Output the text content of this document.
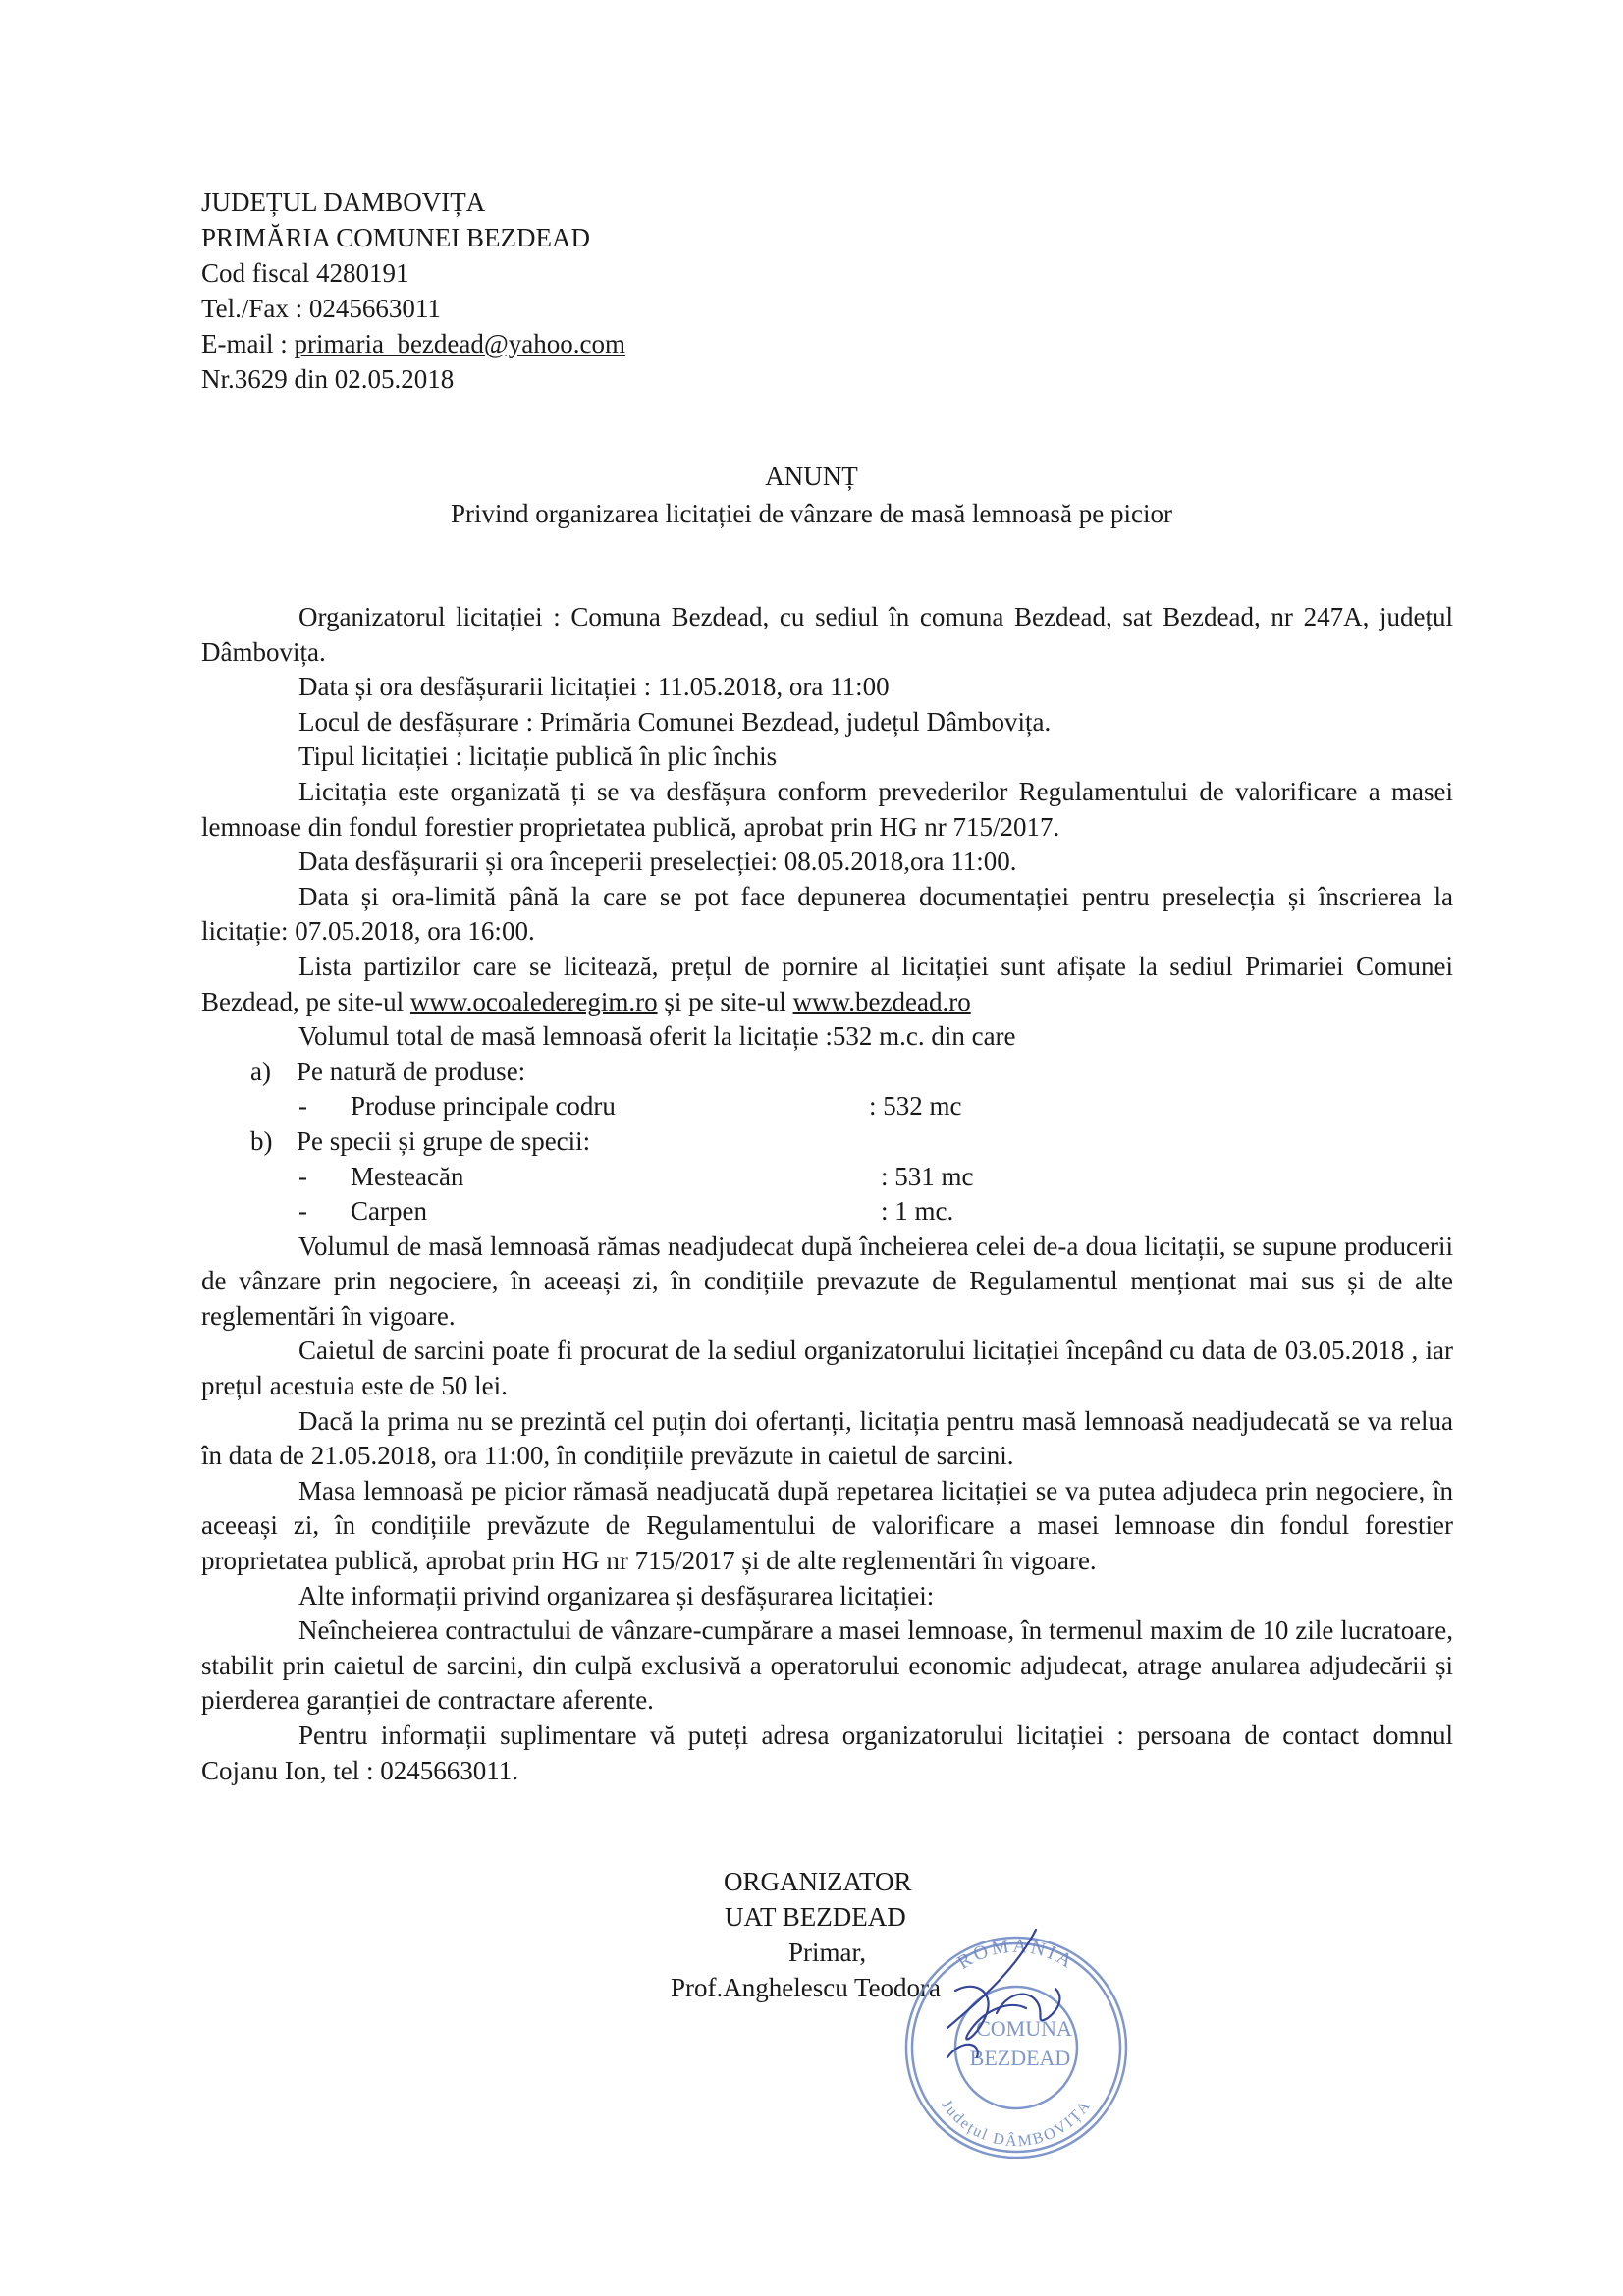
JUDEȚUL DAMBOVIȚA
PRIMĂRIA COMUNEI BEZDEAD
Cod fiscal 4280191
Tel./Fax : 0245663011
E-mail : primaria_bezdead@yahoo.com
Nr.3629 din 02.05.2018
ANUNȚ
Privind organizarea licitației de vânzare de masă lemnoasă pe picior

Organizatorul licitației : Comuna Bezdead, cu sediul în comuna Bezdead, sat Bezdead, nr 247A, județul Dâmbovița.

Data și ora desfășurarii licitației : 11.05.2018, ora 11:00
Locul de desfășurare : Primăria Comunei Bezdead, județul Dâmbovița.
Tipul licitației : licitație publică în plic închis

Licitația este organizată ți se va desfășura conform prevederilor Regulamentului de valorificare a masei lemnoase din fondul forestier proprietatea publică, aprobat prin HG nr 715/2017.

Data desfășurarii și ora începerii preselecției: 08.05.2018,ora 11:00.

Data și ora-limită până la care se pot face depunerea documentației pentru preselecția și înscrierea la licitație: 07.05.2018, ora 16:00.

Lista partizilor care se licitează, prețul de pornire al licitației sunt afișate la sediul Primariei Comunei Bezdead, pe site-ul www.ocoalederegim.ro și pe site-ul www.bezdead.ro

Volumul total de masă lemnoasă oferit la licitație :532 m.c. din care
a) Pe natură de produse:
- Produse principale codru	: 532 mc
b) Pe specii și grupe de specii:
- Mesteacăn	: 531 mc
- Carpen	: 1 mc.

Volumul de masă lemnoasă rămas neadjudecat după încheierea celei de-a doua licitații, se supune producerii de vânzare prin negociere, în aceeași zi, în condițiile prevazute de Regulamentul menționat mai sus și de alte reglementări în vigoare.

Caietul de sarcini poate fi procurat de la sediul organizatorului licitației începând cu data de 03.05.2018 , iar prețul acestuia este de 50 lei.

Dacă la prima nu se prezintă cel puțin doi ofertanți, licitația pentru masă lemnoasă neadjudecată se va relua în data de 21.05.2018, ora 11:00, în condițiile prevăzute in caietul de sarcini.

Masa lemnoasă pe picior rămasă neadjucată după repetarea licitației se va putea adjudeca prin negociere, în aceeași zi, în condițiile prevăzute de Regulamentului de valorificare a masei lemnoase din fondul forestier proprietatea publică, aprobat prin HG nr 715/2017 și de alte reglementări în vigoare.

Alte informații privind organizarea și desfășurarea licitației:

Neîncheierea contractului de vânzare-cumpărare a masei lemnoase, în termenul maxim de 10 zile lucratoare, stabilit prin caietul de sarcini, din culpă exclusivă a operatorului economic adjudecat, atrage anularea adjudecării și pierderea garanției de contractare aferente.

Pentru informații suplimentare vă puteți adresa organizatorului licitației : persoana de contact domnul Cojanu Ion, tel : 0245663011.

ORGANIZATOR
UAT BEZDEAD
Primar,
Prof.Anghelescu Teodora
ROMANIA
COMUNA
BEZDEAD
Județul DÂMBOVIȚA
